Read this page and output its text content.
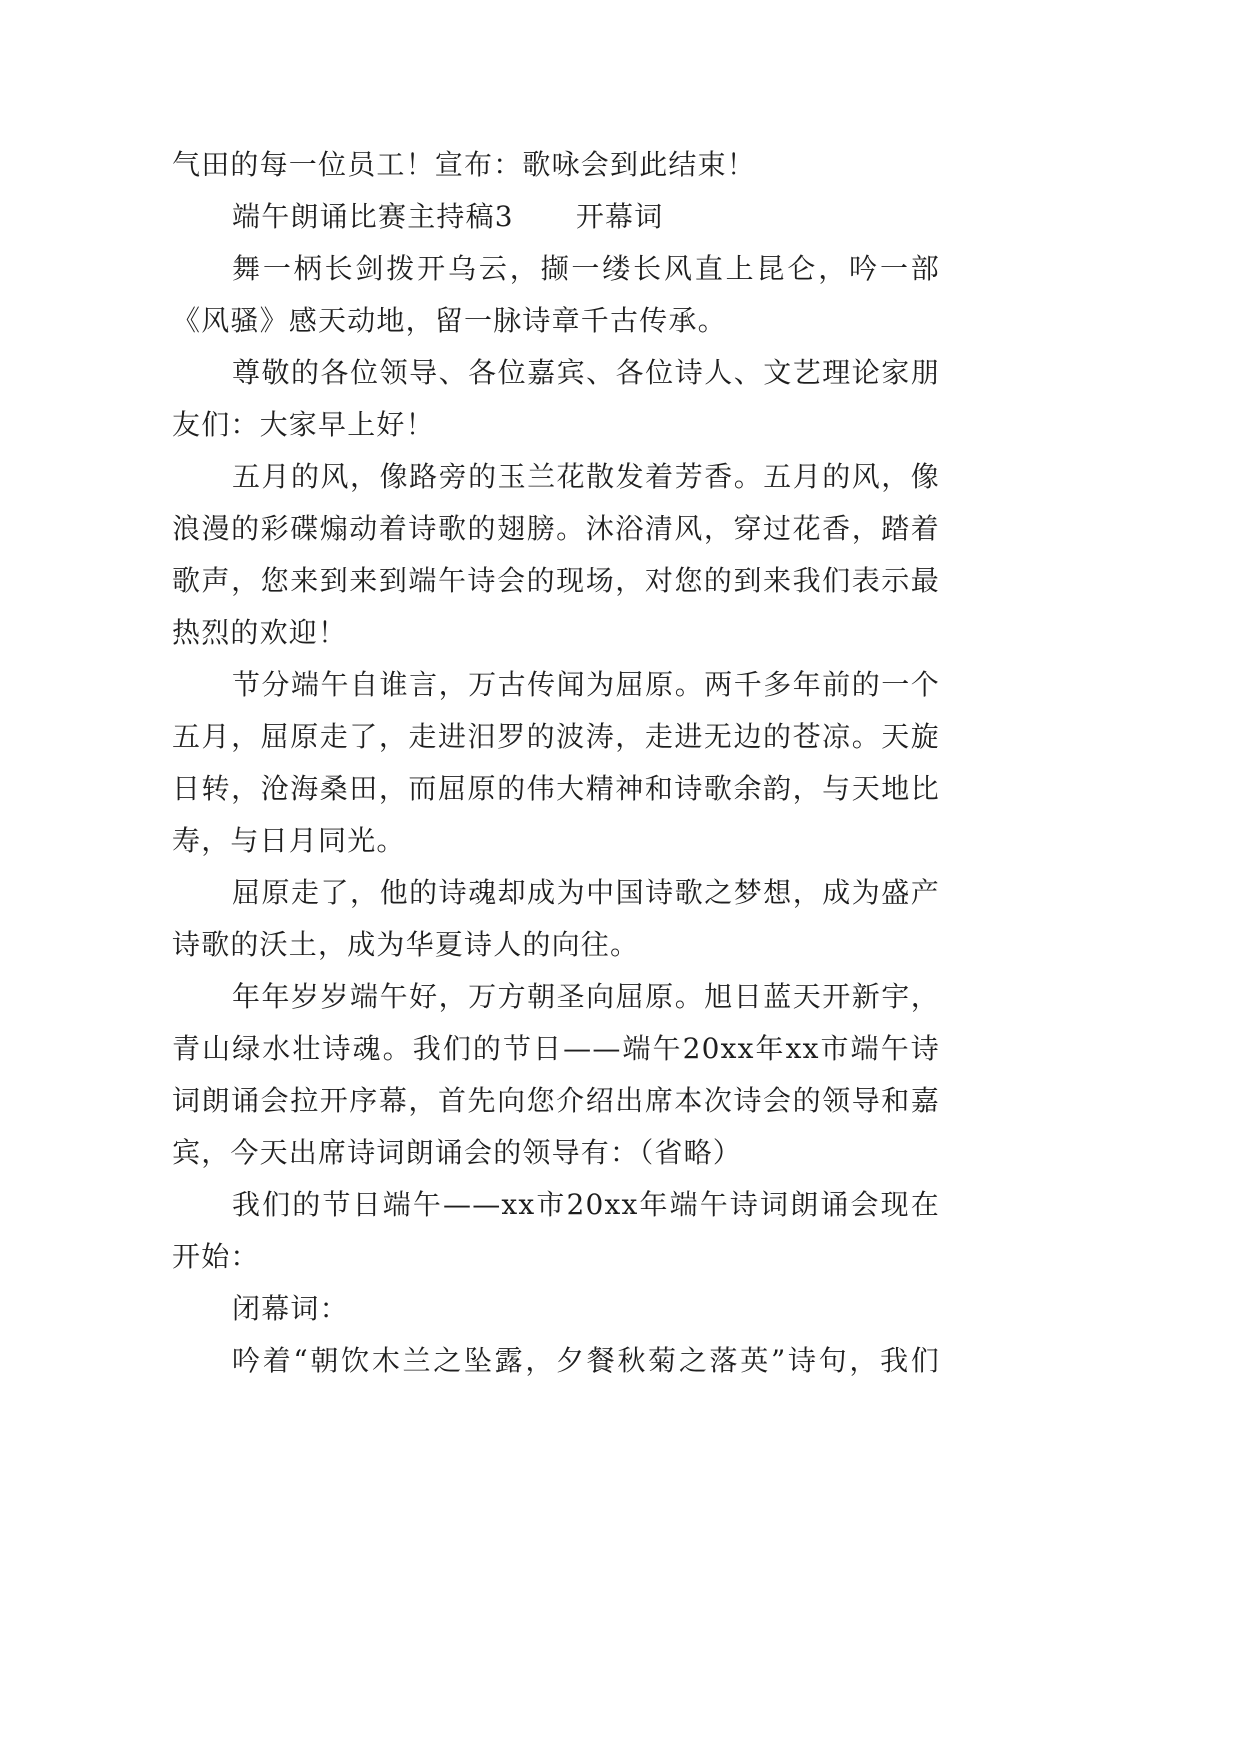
气田的每一位员工！宣布：歌咏会到此结束！
端午朗诵比赛主持稿3 开幕词
舞一柄长剑拨开乌云，撷一缕长风直上昆仑，吟一部
《风骚》感天动地，留一脉诗章千古传承。
尊敬的各位领导、各位嘉宾、各位诗人、文艺理论家朋
友们：大家早上好！
五月的风，像路旁的玉兰花散发着芳香。五月的风，像
浪漫的彩碟煽动着诗歌的翅膀。沐浴清风，穿过花香，踏着
歌声，您来到来到端午诗会的现场，对您的到来我们表示最
热烈的欢迎！
节分端午自谁言，万古传闻为屈原。两千多年前的一个
五月，屈原走了，走进汨罗的波涛，走进无边的苍凉。天旋
日转，沧海桑田，而屈原的伟大精神和诗歌余韵，与天地比
寿，与日月同光。
屈原走了，他的诗魂却成为中国诗歌之梦想，成为盛产
诗歌的沃土，成为华夏诗人的向往。
年年岁岁端午好，万方朝圣向屈原。旭日蓝天开新宇，
青山绿水壮诗魂。我们的节日——端午20xx年xx市端午诗
词朗诵会拉开序幕，首先向您介绍出席本次诗会的领导和嘉
宾，今天出席诗词朗诵会的领导有：（省略）
我们的节日端午——xx市20xx年端午诗词朗诵会现在
开始：
闭幕词：
吟着“朝饮木兰之坠露，夕餐秋菊之落英”诗句，我们
